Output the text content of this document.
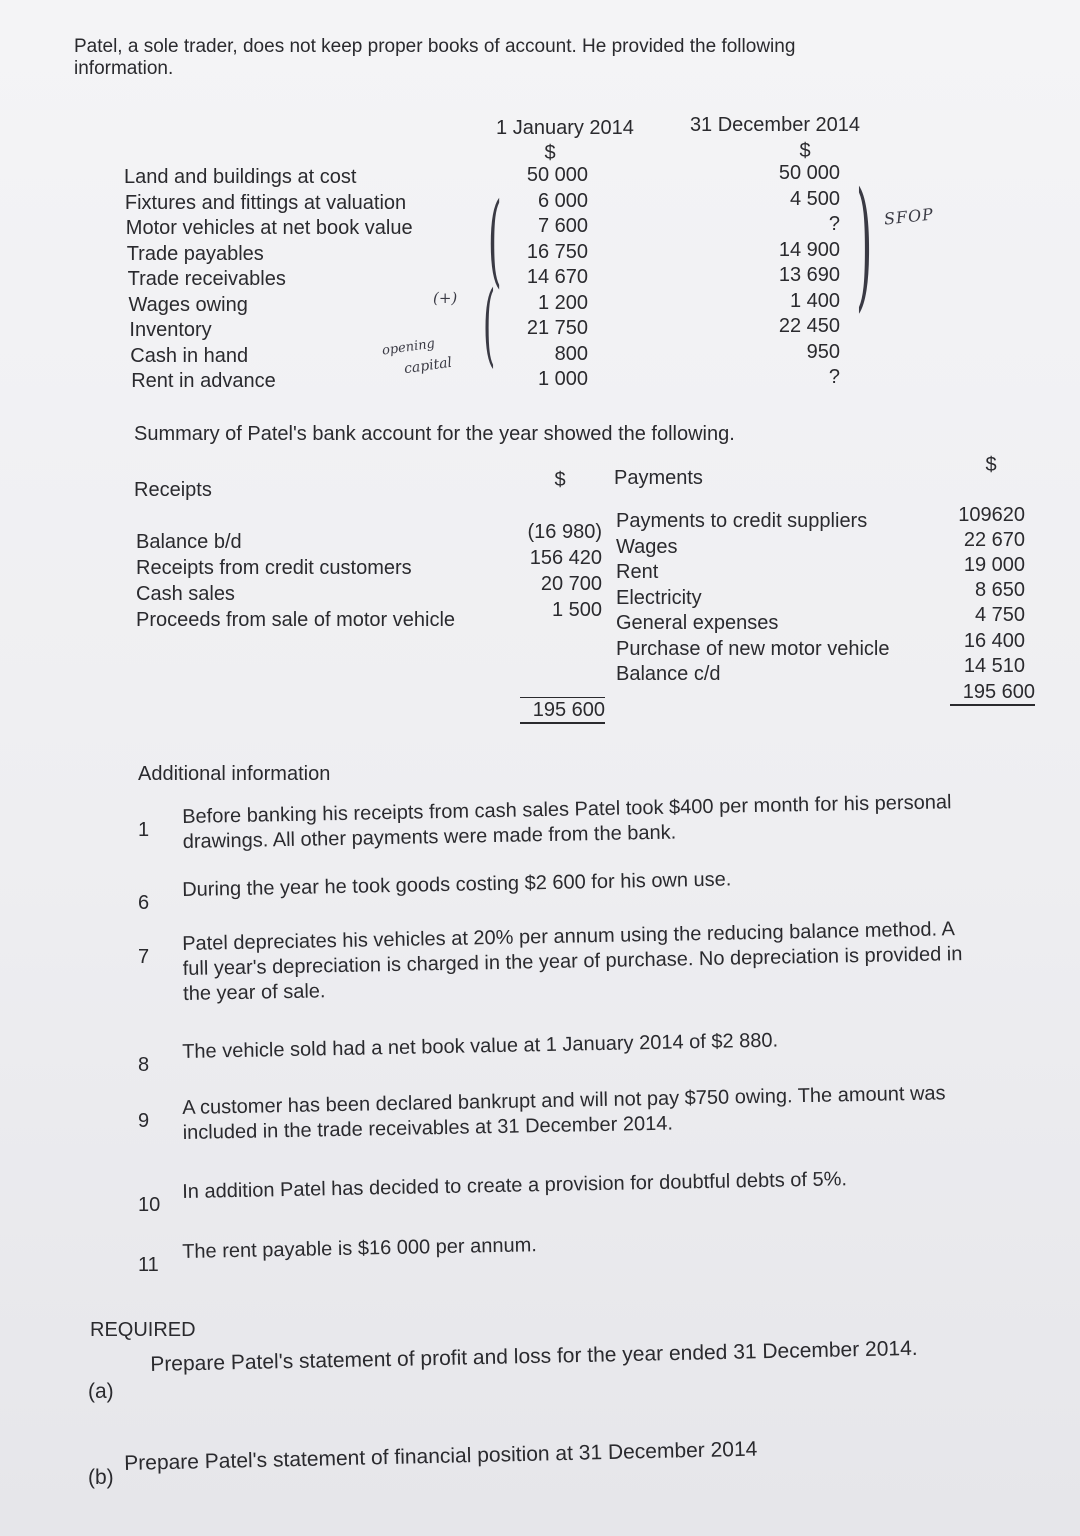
Patel, a sole trader, does not keep proper books of account. He provided the following
information.
1 January 2014	31 December 2014
$	$
Land and buildings at cost	50 000	50 000
Fixtures and fittings at valuation	6 000	4 500
Motor vehicles at net book value	7 600	?
Trade payables	16 750	14 900
Trade receivables	14 670	13 690
Wages owing	1 200	1 400
Inventory	21 750	22 450
Cash in hand	800	950
Rent in advance	1 000	?
(
(	)
(+)
opening
capital
SFOP
Summary of Patel's bank account for the year showed the following.
Receipts	$	Payments
$
Balance b/d	(16 980)
Receipts from credit customers	156 420
Cash sales	20 700
Proceeds from sale of motor vehicle	1 500
Payments to credit suppliers	109620
Wages	22 670
Rent	19 000
Electricity	8 650
General expenses	4 750
Purchase of new motor vehicle	16 400
Balance c/d	14 510
195 600
195 600
Additional information
1
Before banking his receipts from cash sales Patel took $400 per month for his personal drawings. All other payments were made from the bank.
6
During the year he took goods costing $2 600 for his own use.
7
Patel depreciates his vehicles at 20% per annum using the reducing balance method. A full year's depreciation is charged in the year of purchase. No depreciation is provided in the year of sale.
8
The vehicle sold had a net book value at 1 January 2014 of $2 880.
9
A customer has been declared bankrupt and will not pay $750 owing. The amount was included in the trade receivables at 31 December 2014.
10
In addition Patel has decided to create a provision for doubtful debts of 5%.
11
The rent payable is $16 000 per annum.
REQUIRED
(a)
Prepare Patel's statement of profit and loss for the year ended 31 December 2014.
(b)
Prepare Patel's statement of financial position at 31 December 2014
